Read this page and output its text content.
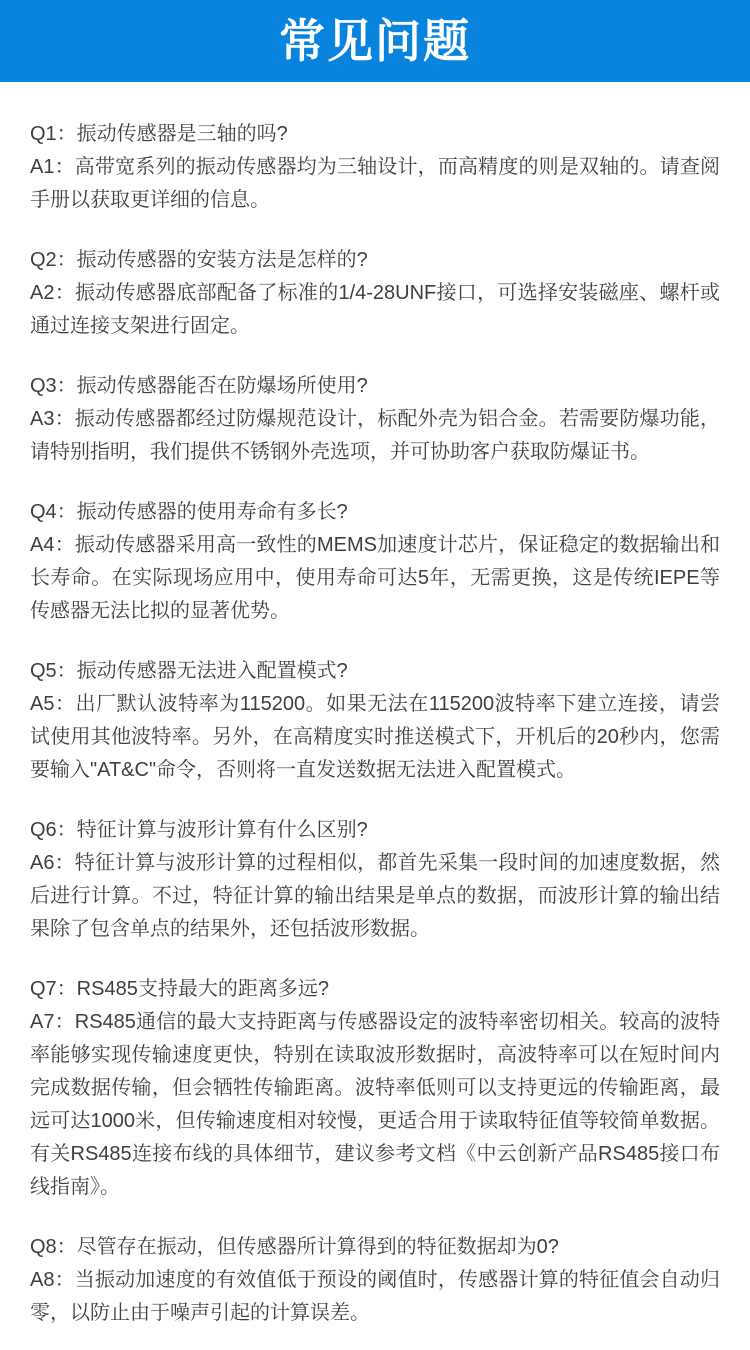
常见问题

Q1：振动传感器是三轴的吗?

A1：高带宽系列的振动传感器均为三轴设计，而高精度的则是双轴的。请查阅手册以获取更详细的信息。

Q2：振动传感器的安装方法是怎样的?

A2：振动传感器底部配备了标准的1/4-28UNF接口，可选择安装磁座、螺杆或通过连接支架进行固定。

Q3：振动传感器能否在防爆场所使用?

A3：振动传感器都经过防爆规范设计，标配外壳为铝合金。若需要防爆功能，请特别指明，我们提供不锈钢外壳选项，并可协助客户获取防爆证书。

Q4：振动传感器的使用寿命有多长?

A4：振动传感器采用高一致性的MEMS加速度计芯片，保证稳定的数据输出和长寿命。在实际现场应用中，使用寿命可达5年，无需更换，这是传统IEPE等传感器无法比拟的显著优势。

Q5：振动传感器无法进入配置模式?

A5：出厂默认波特率为115200。如果无法在115200波特率下建立连接，请尝试使用其他波特率。另外，在高精度实时推送模式下，开机后的20秒内，您需要输入"AT&C"命令，否则将一直发送数据无法进入配置模式。

Q6：特征计算与波形计算有什么区别?

A6：特征计算与波形计算的过程相似，都首先采集一段时间的加速度数据，然后进行计算。不过，特征计算的输出结果是单点的数据，而波形计算的输出结果除了包含单点的结果外，还包括波形数据。

Q7：RS485支持最大的距离多远?

A7：RS485通信的最大支持距离与传感器设定的波特率密切相关。较高的波特率能够实现传输速度更快，特别在读取波形数据时，高波特率可以在短时间内完成数据传输，但会牺牲传输距离。波特率低则可以支持更远的传输距离，最远可达1000米，但传输速度相对较慢，更适合用于读取特征值等较简单数据。有关RS485连接布线的具体细节，建议参考文档《中云创新产品RS485接口布线指南》。

Q8：尽管存在振动，但传感器所计算得到的特征数据却为0?

A8：当振动加速度的有效值低于预设的阈值时，传感器计算的特征值会自动归零，以防止由于噪声引起的计算误差。
